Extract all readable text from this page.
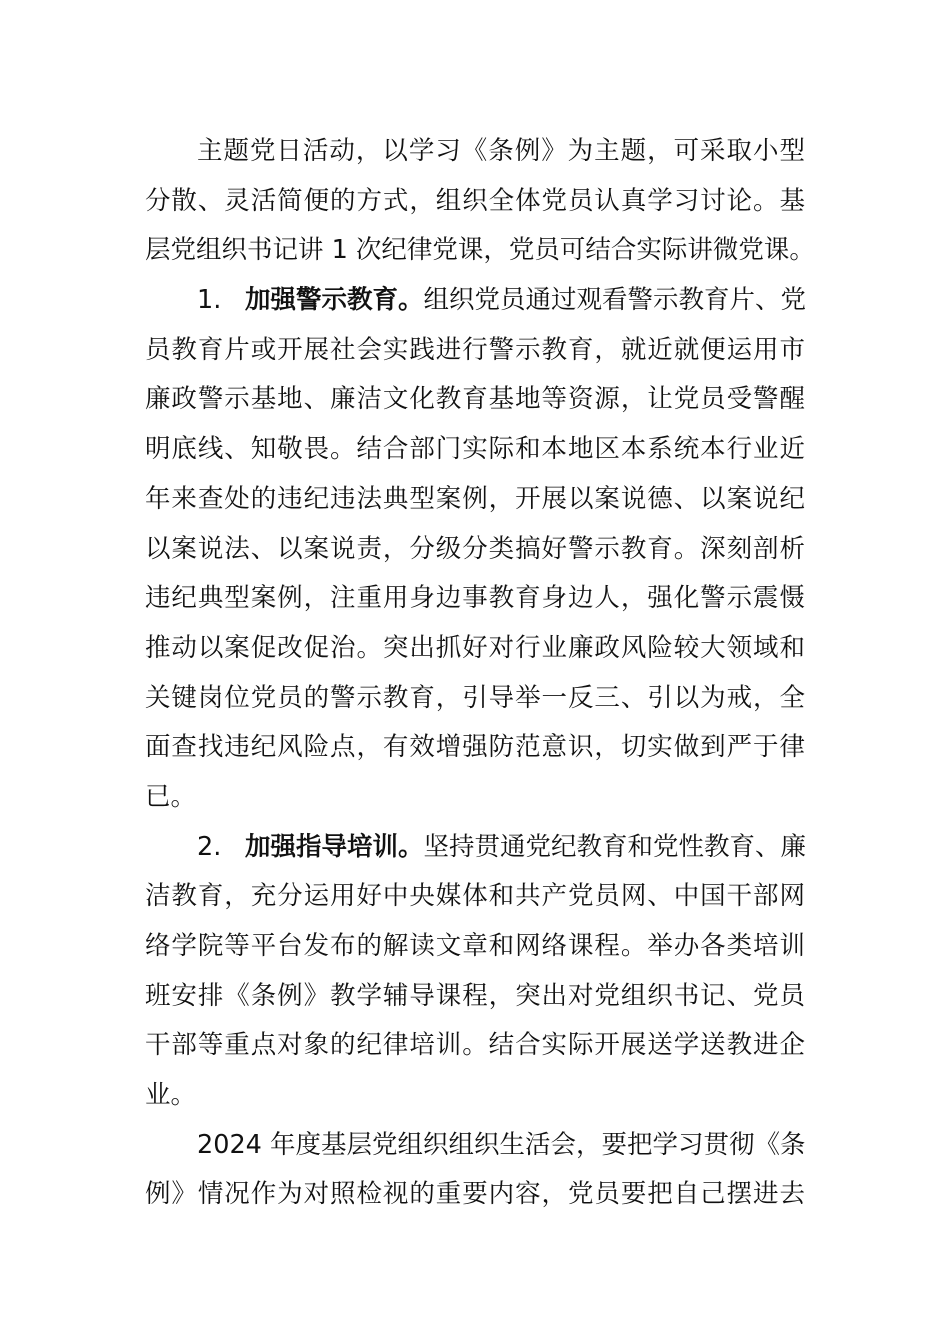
主题党日活动，以学习《条例》为主题，可采取小型
分散、灵活简便的方式，组织全体党员认真学习讨论。基
层党组织书记讲 1 次纪律党课，党员可结合实际讲微党课。
1. 加强警示教育。组织党员通过观看警示教育片、党
员教育片或开展社会实践进行警示教育，就近就便运用市
廉政警示基地、廉洁文化教育基地等资源，让党员受警醒
明底线、知敬畏。结合部门实际和本地区本系统本行业近
年来查处的违纪违法典型案例，开展以案说德、以案说纪
以案说法、以案说责，分级分类搞好警示教育。深刻剖析
违纪典型案例，注重用身边事教育身边人，强化警示震慑
推动以案促改促治。突出抓好对行业廉政风险较大领域和
关键岗位党员的警示教育，引导举一反三、引以为戒，全
面查找违纪风险点，有效增强防范意识，切实做到严于律
已。
2. 加强指导培训。坚持贯通党纪教育和党性教育、廉
洁教育，充分运用好中央媒体和共产党员网、中国干部网
络学院等平台发布的解读文章和网络课程。举办各类培训
班安排《条例》教学辅导课程，突出对党组织书记、党员
干部等重点对象的纪律培训。结合实际开展送学送教进企
业。
2024 年度基层党组织组织生活会，要把学习贯彻《条
例》情况作为对照检视的重要内容，党员要把自己摆进去
